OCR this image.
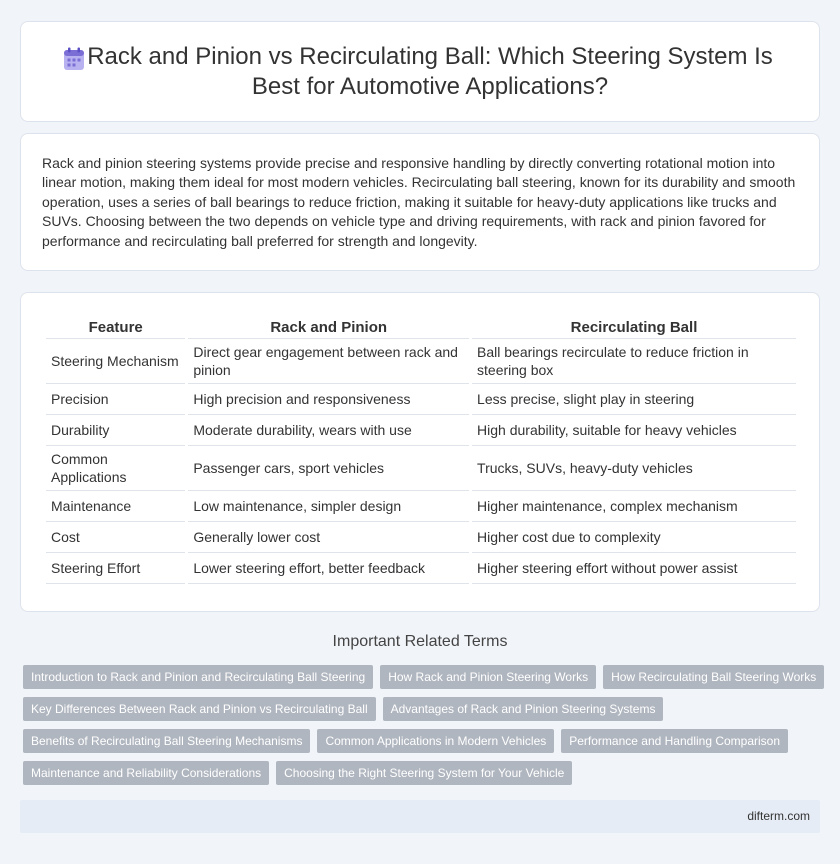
Rack and Pinion vs Recirculating Ball: Which Steering System Is Best for Automotive Applications?

Rack and pinion steering systems provide precise and responsive handling by directly converting rotational motion into linear motion, making them ideal for most modern vehicles. Recirculating ball steering, known for its durability and smooth operation, uses a series of ball bearings to reduce friction, making it suitable for heavy-duty applications like trucks and SUVs. Choosing between the two depends on vehicle type and driving requirements, with rack and pinion favored for performance and recirculating ball preferred for strength and longevity.

Feature	Rack and Pinion	Recirculating Ball
Steering Mechanism	Direct gear engagement between rack and pinion	Ball bearings recirculate to reduce friction in steering box
Precision	High precision and responsiveness	Less precise, slight play in steering
Durability	Moderate durability, wears with use	High durability, suitable for heavy vehicles
Common Applications	Passenger cars, sport vehicles	Trucks, SUVs, heavy-duty vehicles
Maintenance	Low maintenance, simpler design	Higher maintenance, complex mechanism
Cost	Generally lower cost	Higher cost due to complexity
Steering Effort	Lower steering effort, better feedback	Higher steering effort without power assist
Important Related Terms
Introduction to Rack and Pinion and Recirculating Ball Steering	How Rack and Pinion Steering Works	How Recirculating Ball Steering Works
Key Differences Between Rack and Pinion vs Recirculating Ball	Advantages of Rack and Pinion Steering Systems
Benefits of Recirculating Ball Steering Mechanisms	Common Applications in Modern Vehicles	Performance and Handling Comparison
Maintenance and Reliability Considerations	Choosing the Right Steering System for Your Vehicle
difterm.com
